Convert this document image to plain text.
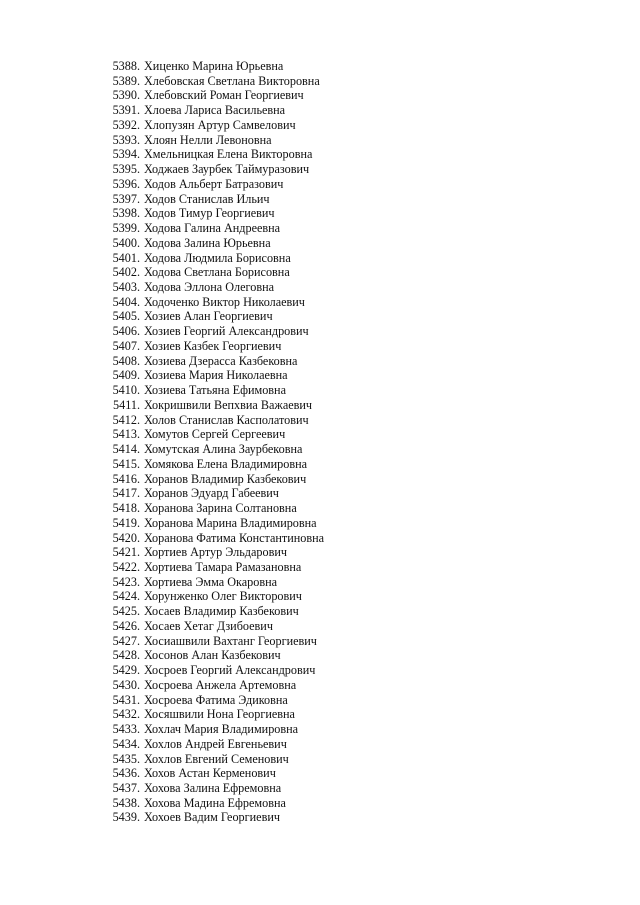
5388. Хиценко Марина Юрьевна
5389. Хлебовская Светлана Викторовна
5390. Хлебовский Роман Георгиевич
5391. Хлоева Лариса Васильевна
5392. Хлопузян Артур Самвелович
5393. Хлоян Нелли Левоновна
5394. Хмельницкая Елена Викторовна
5395. Ходжаев Заурбек Таймуразович
5396. Ходов Альберт Батразович
5397. Ходов Станислав Ильич
5398. Ходов Тимур Георгиевич
5399. Ходова Галина Андреевна
5400. Ходова Залина Юрьевна
5401. Ходова Людмила Борисовна
5402. Ходова Светлана Борисовна
5403. Ходова Эллона Олеговна
5404. Ходоченко Виктор Николаевич
5405. Хозиев Алан Георгиевич
5406. Хозиев Георгий Александрович
5407. Хозиев Казбек Георгиевич
5408. Хозиева Дзерасса Казбековна
5409. Хозиева Мария Николаевна
5410. Хозиева Татьяна Ефимовна
5411. Хокришвили Вепхвиа Важаевич
5412. Холов Станислав Касполатович
5413. Хомутов Сергей Сергеевич
5414. Хомутская Алина Заурбековна
5415. Хомякова Елена Владимировна
5416. Хоранов Владимир Казбекович
5417. Хоранов Эдуард Габеевич
5418. Хоранова Зарина Солтановна
5419. Хоранова Марина Владимировна
5420. Хоранова Фатима Константиновна
5421. Хортиев Артур Эльдарович
5422. Хортиева Тамара Рамазановна
5423. Хортиева Эмма Окаровна
5424. Хорунженко Олег Викторович
5425. Хосаев Владимир Казбекович
5426. Хосаев Хетаг Дзибоевич
5427. Хосиашвили Вахтанг Георгиевич
5428. Хосонов Алан Казбекович
5429. Хосроев Георгий Александрович
5430. Хосроева Анжела Артемовна
5431. Хосроева Фатима Эдиковна
5432. Хосяшвили Нона Георгиевна
5433. Хохлач Мария Владимировна
5434. Хохлов Андрей Евгеньевич
5435. Хохлов Евгений Семенович
5436. Хохов Астан Керменович
5437. Хохова Залина Ефремовна
5438. Хохова Мадина Ефремовна
5439. Хохоев Вадим Георгиевич
